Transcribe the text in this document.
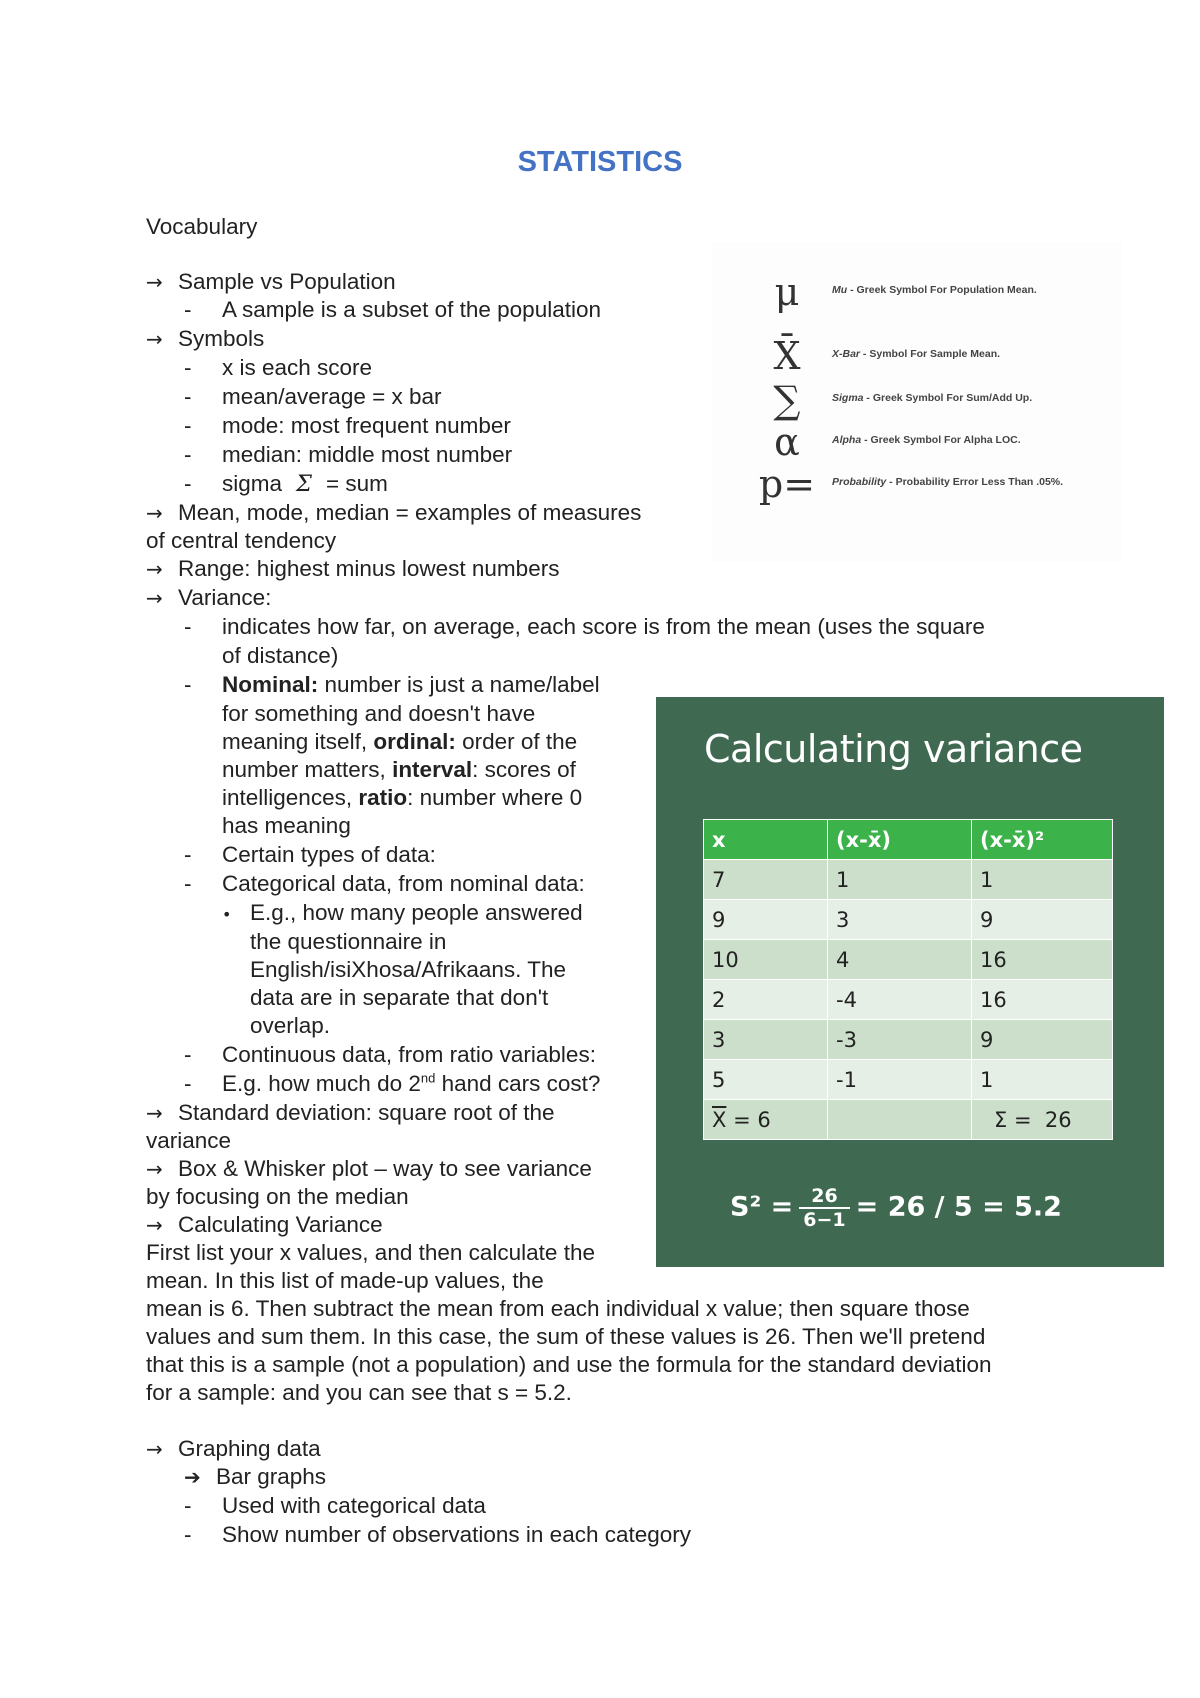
STATISTICS
Vocabulary
→ Sample vs Population
- A sample is a subset of the population
→ Symbols
- x is each score
- mean/average = x bar
- mode: most frequent number
- median: middle most number
- sigma Σ = sum
→ Mean, mode, median = examples of measures
of central tendency
→ Range: highest minus lowest numbers
→ Variance:
- indicates how far, on average, each score is from the mean (uses the square
of distance)
- Nominal: number is just a name/label
for something and doesn't have
meaning itself, ordinal: order of the
number matters, interval: scores of
intelligences, ratio: number where 0
has meaning
- Certain types of data:
- Categorical data, from nominal data:
• E.g., how many people answered
the questionnaire in
English/isiXhosa/Afrikaans. The
data are in separate that don't
overlap.
- Continuous data, from ratio variables:
- E.g. how much do 2nd hand cars cost?
→ Standard deviation: square root of the
variance
→ Box & Whisker plot – way to see variance
by focusing on the median
→ Calculating Variance
First list your x values, and then calculate the
mean. In this list of made-up values, the
mean is 6. Then subtract the mean from each individual x value; then square those
values and sum them. In this case, the sum of these values is 26. Then we'll pretend
that this is a sample (not a population) and use the formula for the standard deviation
for a sample: and you can see that s = 5.2.
→ Graphing data
➔ Bar graphs
- Used with categorical data
- Show number of observations in each category
μ	Mu - Greek Symbol For Population Mean.
X̄	X-Bar - Symbol For Sample Mean.
∑	Sigma - Greek Symbol For Sum/Add Up.
α	Alpha - Greek Symbol For Alpha LOC.
p=	Probability - Probability Error Less Than .05%.
Calculating variance
x	(x-x̄)	(x-x̄)²
7	1	1
9	3	9
10	4	16
2	-4	16
3	-3	9
5	-1	1
$\overline{X} = 6$		Σ = 26
$S^2 = \frac{26}{6-1} = 26 / 5 = 5.2$
